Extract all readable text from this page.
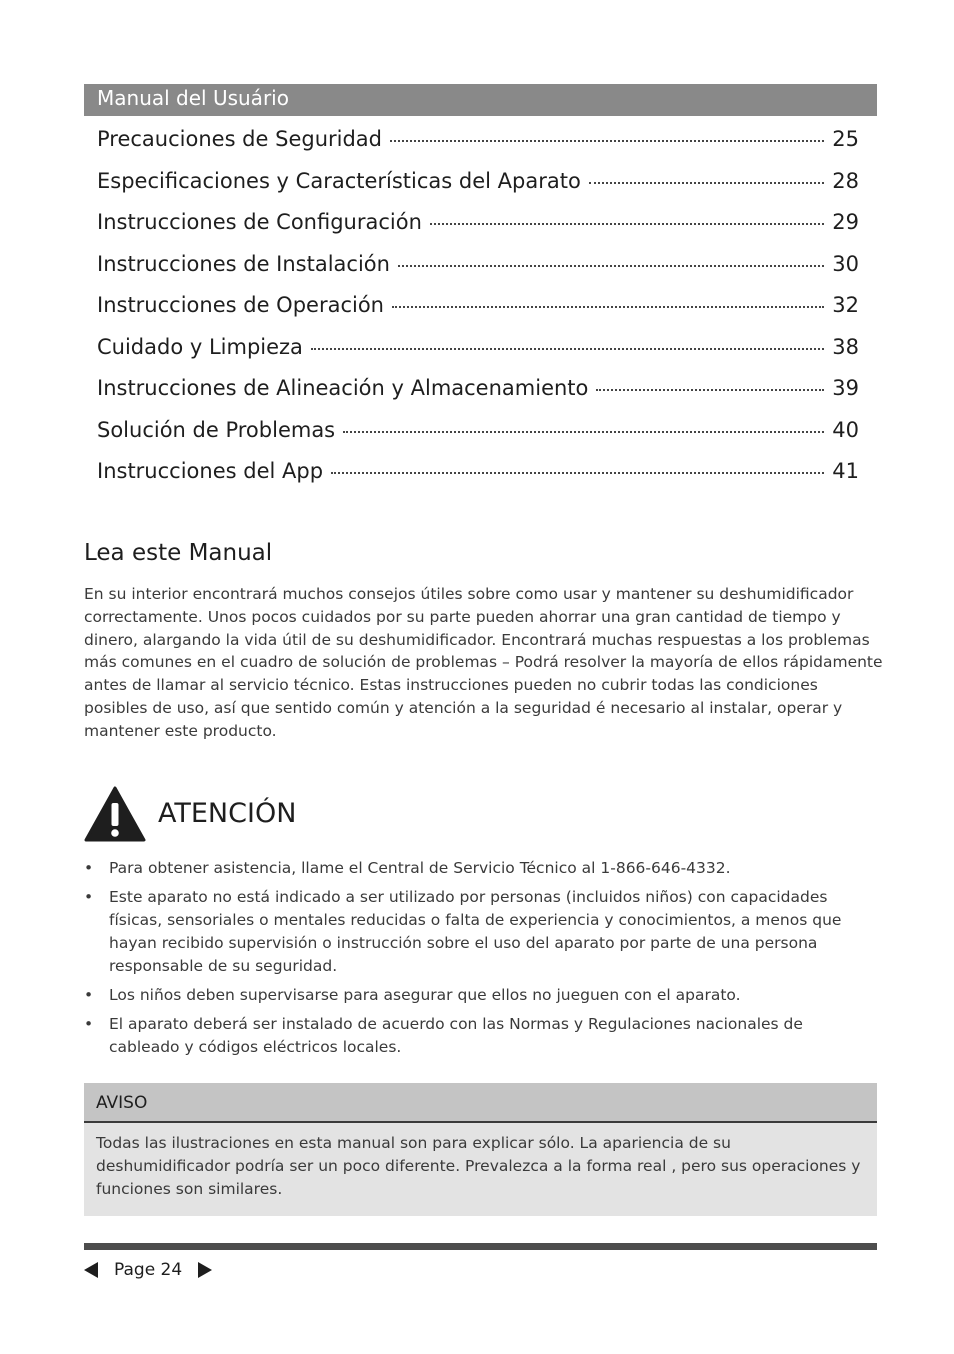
Manual del Usuário
Precauciones de Seguridad	25
Especificaciones y Características del Aparato	28
Instrucciones de Configuración	29
Instrucciones de Instalación	30
Instrucciones de Operación	32
Cuidado y Limpieza	38
Instrucciones de Alineación y Almacenamiento	39
Solución de Problemas	40
Instrucciones del App	41
Lea este Manual
En su interior encontrará muchos consejos útiles sobre como usar y mantener su deshumidificador correctamente. Unos pocos cuidados por su parte pueden ahorrar una gran cantidad de tiempo y dinero, alargando la vida útil de su deshumidificador. Encontrará muchas respuestas a los problemas más comunes en el cuadro de solución de problemas – Podrá resolver la mayoría de ellos rápidamente antes de llamar al servicio técnico. Estas instrucciones pueden no cubrir todas las condiciones posibles de uso, así que sentido común y atención a la seguridad é necesario al instalar, operar y mantener este producto.
ATENCIÓN
• Para obtener asistencia, llame el Central de Servicio Técnico al 1-866-646-4332.
• Este aparato no está indicado a ser utilizado por personas (incluidos niños) con capacidades físicas, sensoriales o mentales reducidas o falta de experiencia y conocimientos, a menos que hayan recibido supervisión o instrucción sobre el uso del aparato por parte de una persona responsable de su seguridad.
• Los niños deben supervisarse para asegurar que ellos no jueguen con el aparato.
• El aparato deberá ser instalado de acuerdo con las Normas y Regulaciones nacionales de cableado y códigos eléctricos locales.
AVISO
Todas las ilustraciones en esta manual son para explicar sólo. La apariencia de su deshumidificador podría ser un poco diferente. Prevalezca a la forma real , pero sus operaciones y funciones son similares.
Page 24
